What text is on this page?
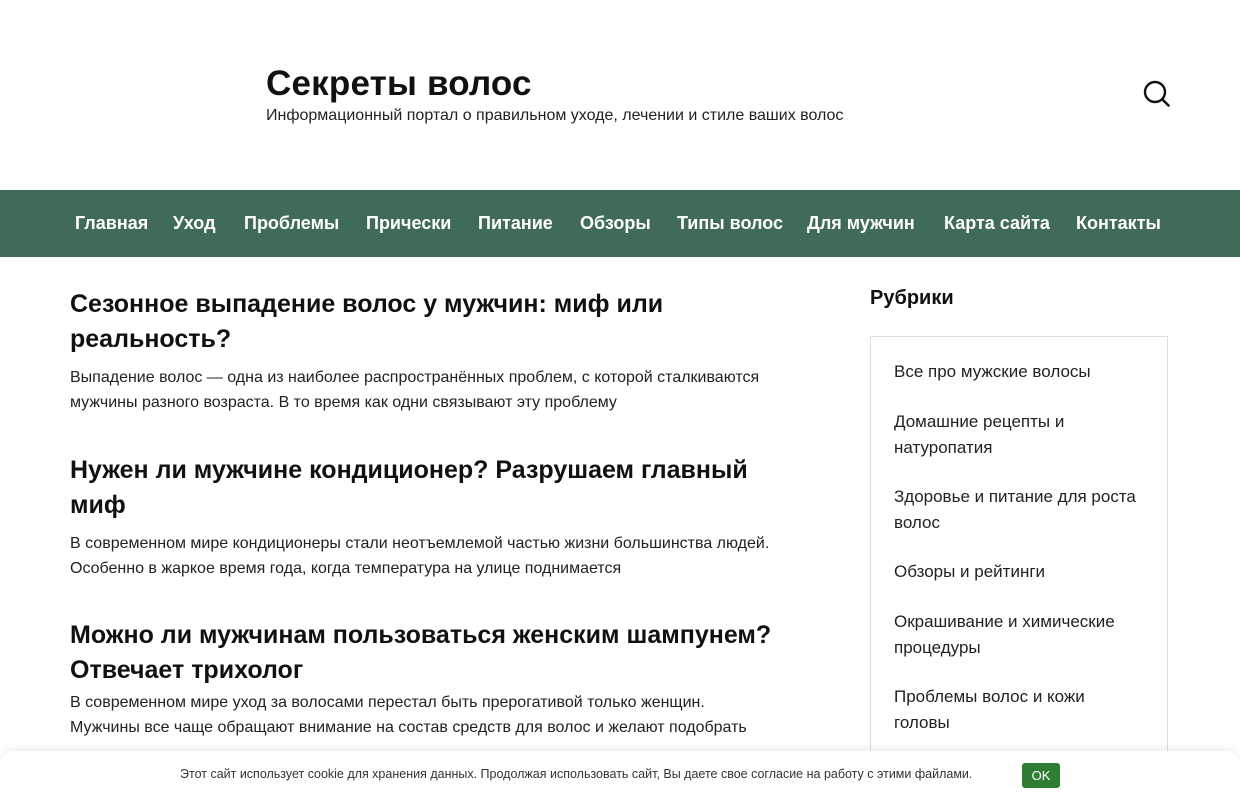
Секреты волос
Информационный портал о правильном уходе, лечении и стиле ваших волос
Главная Уход Проблемы Прически Питание Обзоры Типы волос Для мужчин Карта сайта Контакты
Сезонное выпадение волос у мужчин: миф или реальность?

Выпадение волос — одна из наиболее распространённых проблем, с которой сталкиваются
мужчины разного возраста. В то время как одни связывают эту проблему

Нужен ли мужчине кондиционер? Разрушаем главный миф

В современном мире кондиционеры стали неотъемлемой частью жизни большинства людей.
Особенно в жаркое время года, когда температура на улице поднимается

Можно ли мужчинам пользоваться женским шампунем?
Отвечает трихолог

В современном мире уход за волосами перестал быть прерогативой только женщин.
Мужчины все чаще обращают внимание на состав средств для волос и желают подобрать

Рубрики
Все про мужские волосы
Домашние рецепты и
натуропатия
Здоровье и питание для роста
волос
Обзоры и рейтинги
Окрашивание и химические
процедуры
Проблемы волос и кожи
головы
Этот сайт использует cookie для хранения данных. Продолжая использовать сайт, Вы даете свое согласие на работу с этими файлами.	OK
